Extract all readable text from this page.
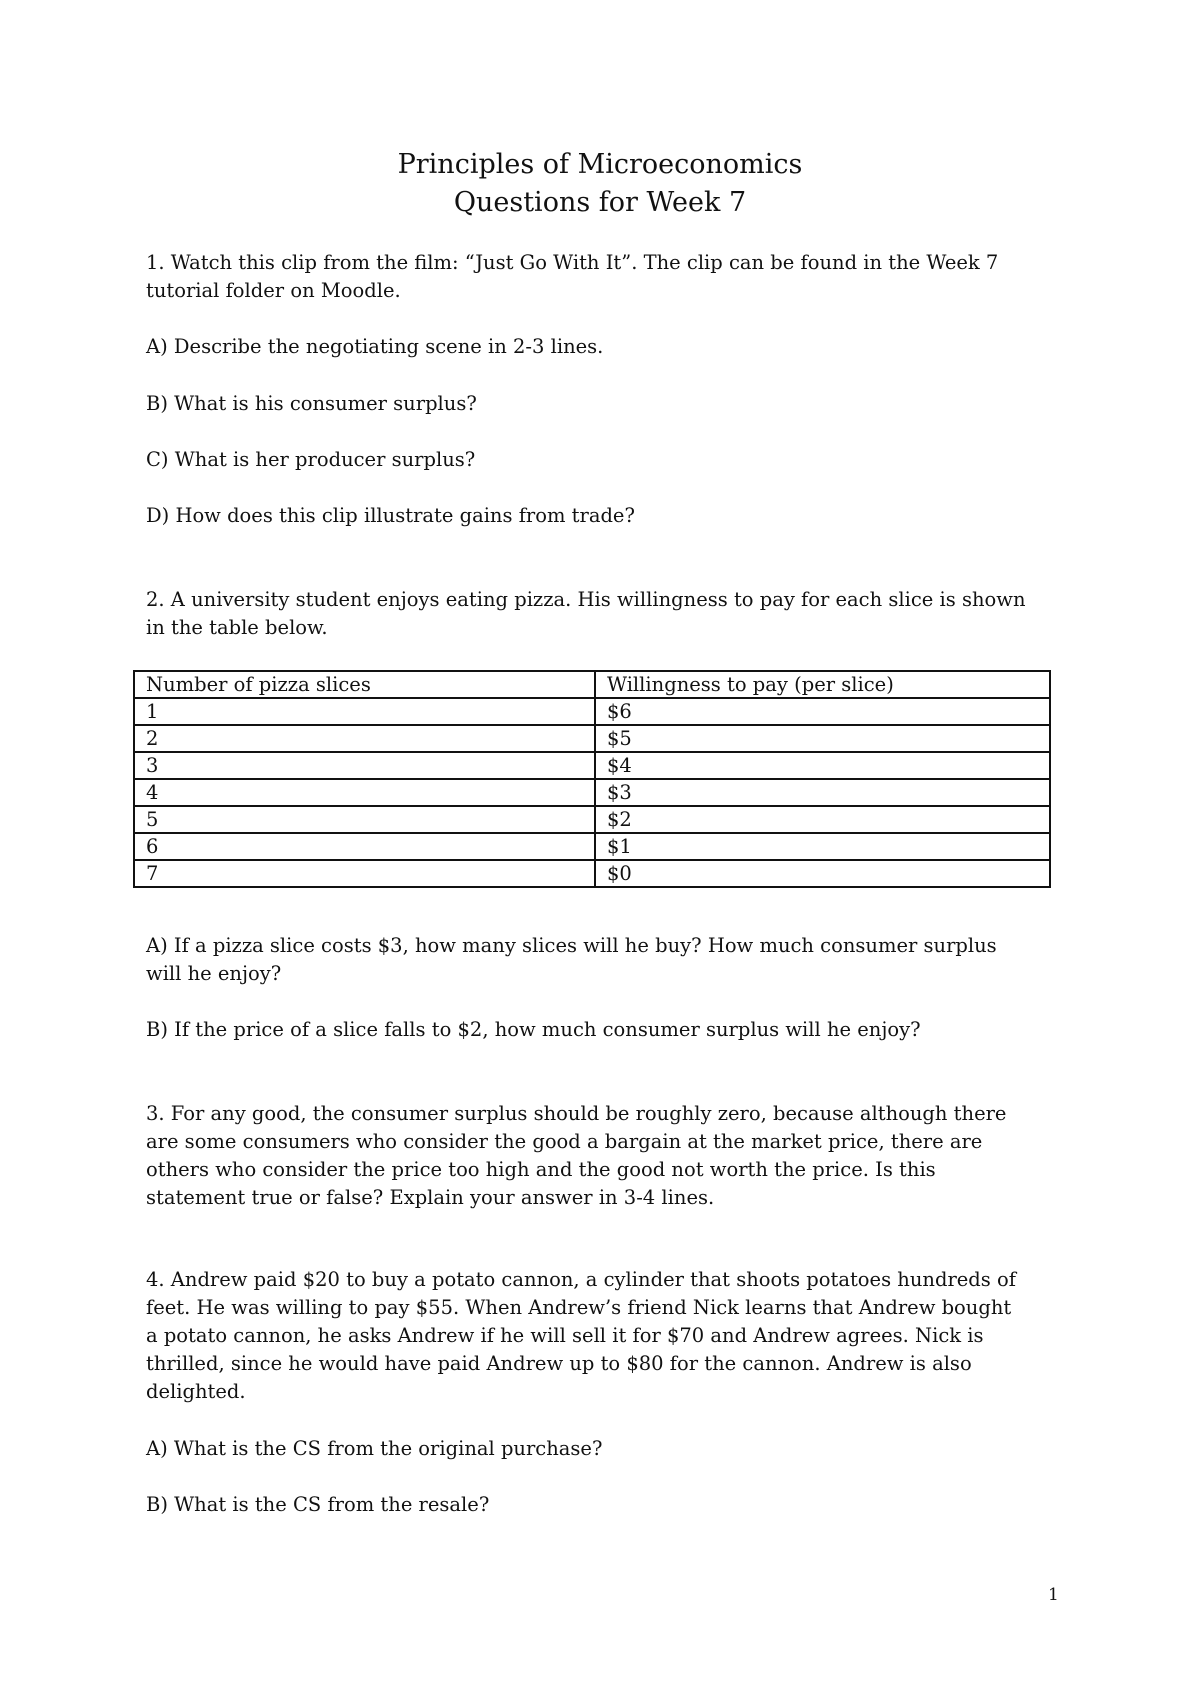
Principles of Microeconomics
Questions for Week 7
1. Watch this clip from the film: “Just Go With It”. The clip can be found in the Week 7
tutorial folder on Moodle.
A) Describe the negotiating scene in 2-3 lines.
B) What is his consumer surplus?
C) What is her producer surplus?
D) How does this clip illustrate gains from trade?
2. A university student enjoys eating pizza. His willingness to pay for each slice is shown
in the table below.
Number of pizza slices	Willingness to pay (per slice)
1	$6
2	$5
3	$4
4	$3
5	$2
6	$1
7	$0
A) If a pizza slice costs $3, how many slices will he buy? How much consumer surplus
will he enjoy?
B) If the price of a slice falls to $2, how much consumer surplus will he enjoy?
3. For any good, the consumer surplus should be roughly zero, because although there
are some consumers who consider the good a bargain at the market price, there are
others who consider the price too high and the good not worth the price. Is this
statement true or false? Explain your answer in 3-4 lines.
4. Andrew paid $20 to buy a potato cannon, a cylinder that shoots potatoes hundreds of
feet. He was willing to pay $55. When Andrew’s friend Nick learns that Andrew bought
a potato cannon, he asks Andrew if he will sell it for $70 and Andrew agrees. Nick is
thrilled, since he would have paid Andrew up to $80 for the cannon. Andrew is also
delighted.
A) What is the CS from the original purchase?
B) What is the CS from the resale?
1
